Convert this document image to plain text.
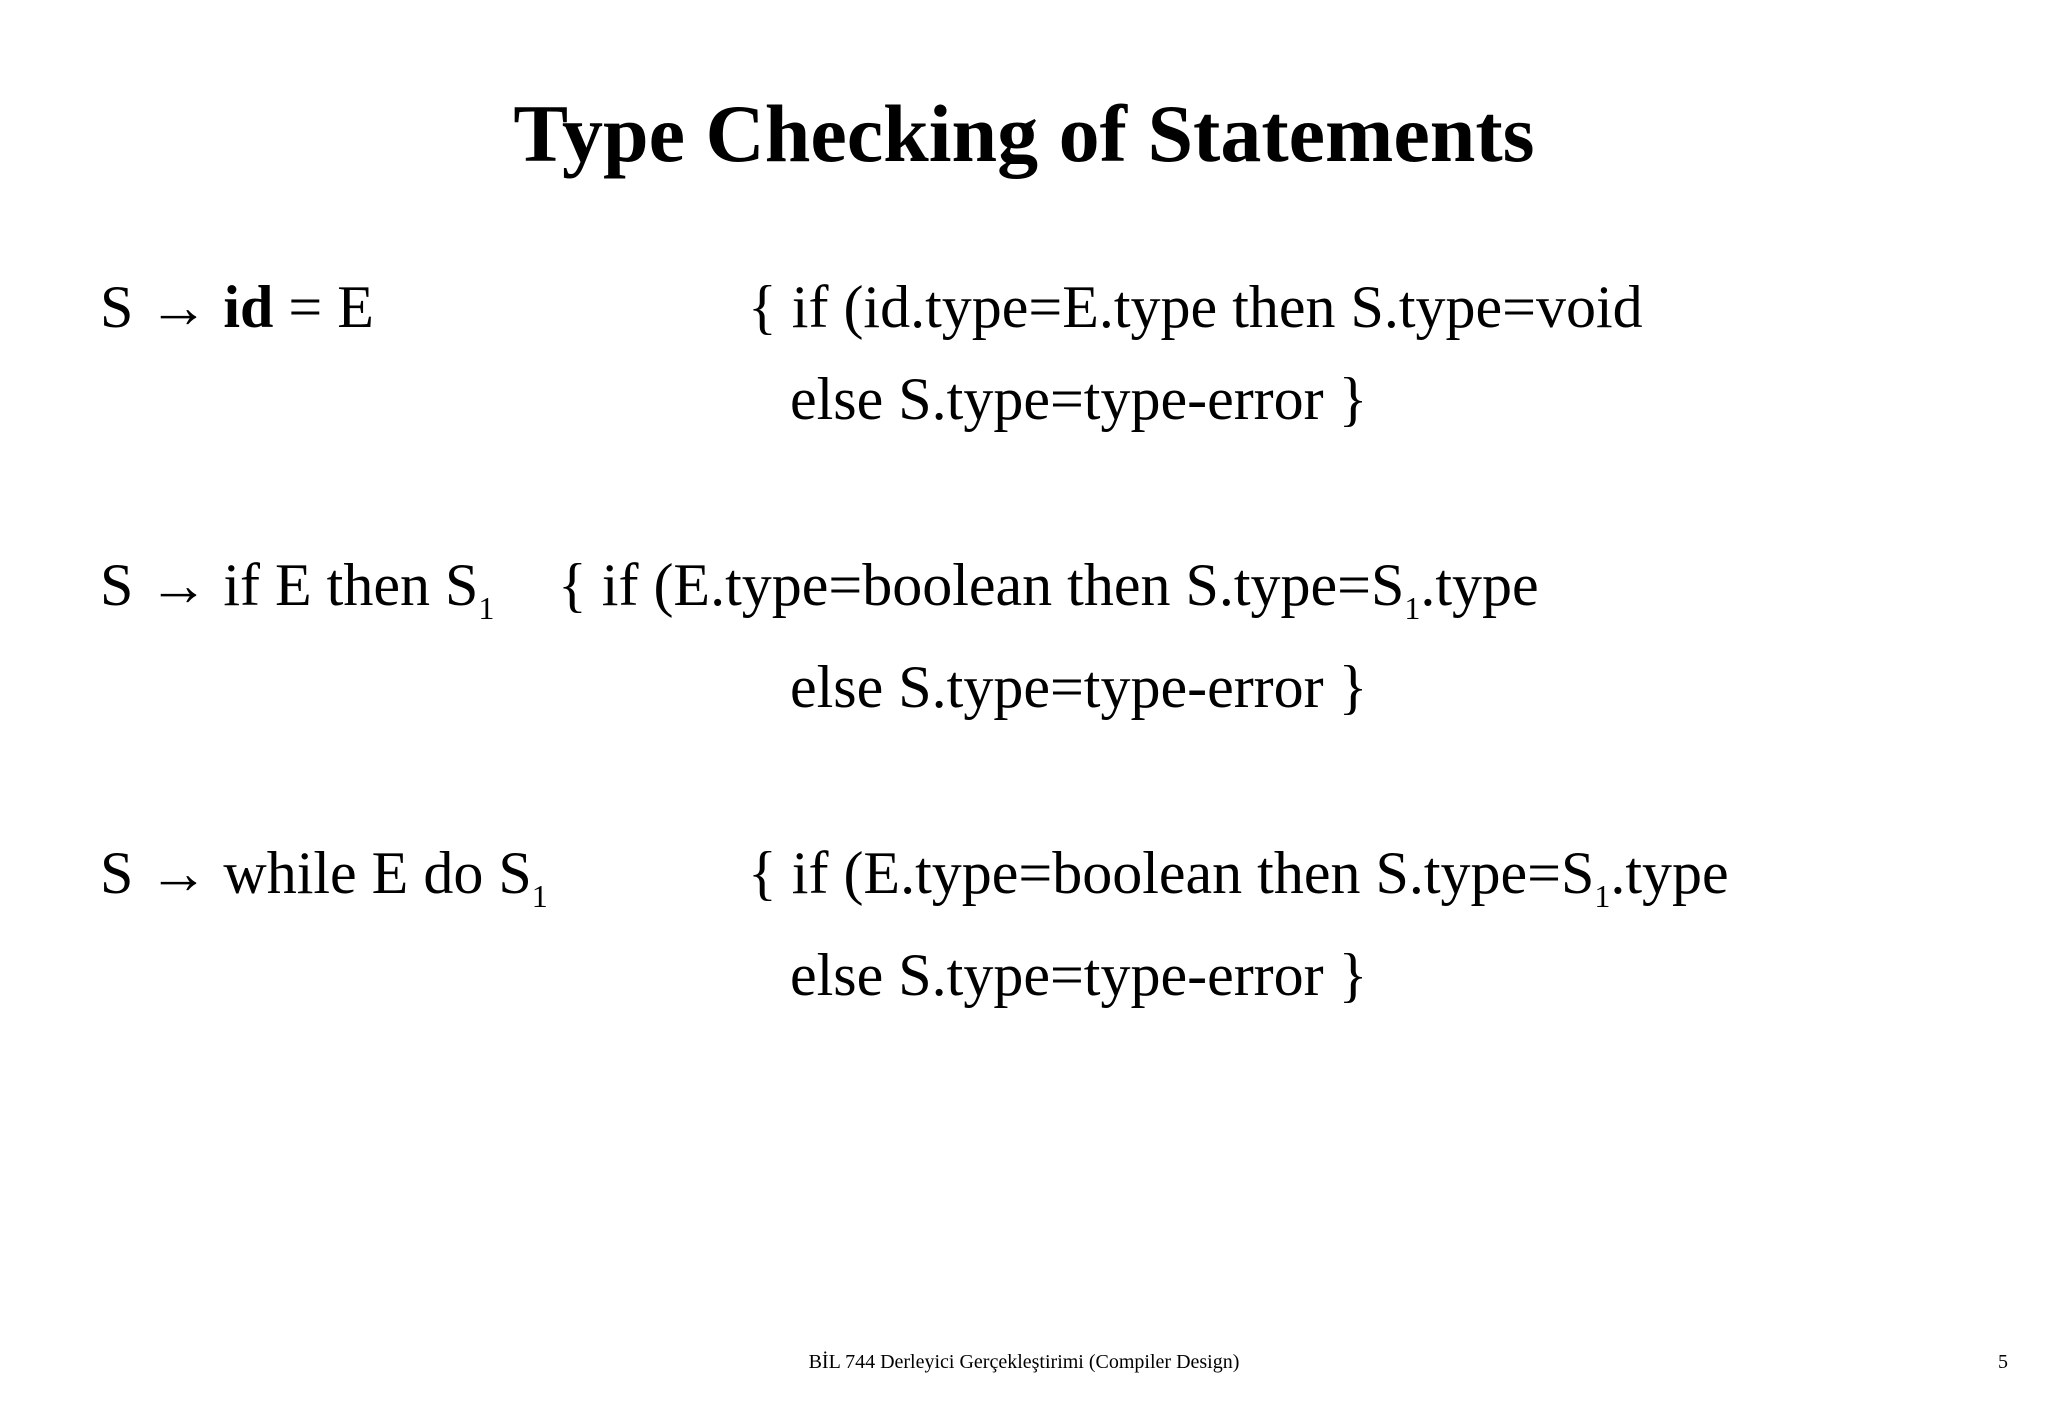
Type Checking of Statements
S → id = E	{ if (id.type=E.type then S.type=void
else S.type=type-error }
S → if E then $S_1$ { if (E.type=boolean then $S.type=S_1.type$
else S.type=type-error }
S → while E do $S_1$	{ if (E.type=boolean then $S.type=S_1.type$
else S.type=type-error }
BİL 744 Derleyici Gerçekleştirimi (Compiler Design)	5
